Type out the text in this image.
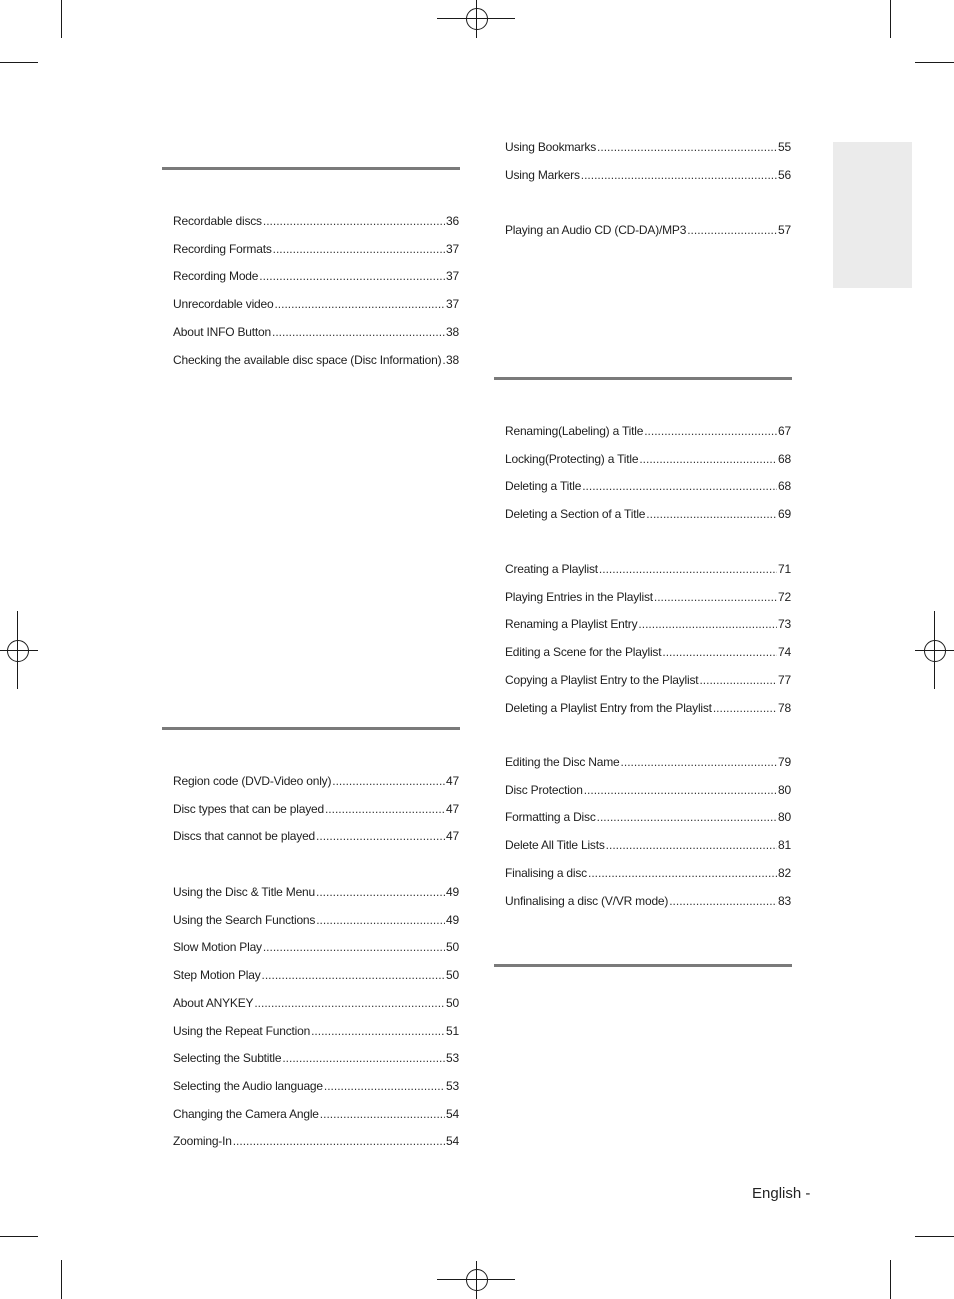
Recordable discs .....	36
Recording Formats .....	37
Recording Mode .....	37
Unrecordable video .....	37
About INFO Button .....	38
Checking the available disc space (Disc Information) ..... 38
Region code (DVD-Video only) .....	47
Disc types that can be played .....	47
Discs that cannot be played .....	47
Using the Disc & Title Menu .....	49
Using the Search Functions .....	49
Slow Motion Play .....	50
Step Motion Play .....	50
About ANYKEY .....	50
Using the Repeat Function .....	51
Selecting the Subtitle .....	53
Selecting the Audio language .....	53
Changing the Camera Angle .....	54
Zooming-In .....	54
Using Bookmarks .....	55
Using Markers .....	56
Playing an Audio CD (CD-DA)/MP3 .....	57
Renaming(Labeling) a Title .....	67
Locking(Protecting) a Title .....	68
Deleting a Title .....	68
Deleting a Section of a Title .....	69
Creating a Playlist .....	71
Playing Entries in the Playlist .....	72
Renaming a Playlist Entry .....	73
Editing a Scene for the Playlist .....	74
Copying a Playlist Entry to the Playlist .....	77
Deleting a Playlist Entry from the Playlist .....	78
Editing the Disc Name .....	79
Disc Protection .....	80
Formatting a Disc .....	80
Delete All Title Lists .....	81
Finalising a disc .....	82
Unfinalising a disc (V/VR mode) .....	83
English -
